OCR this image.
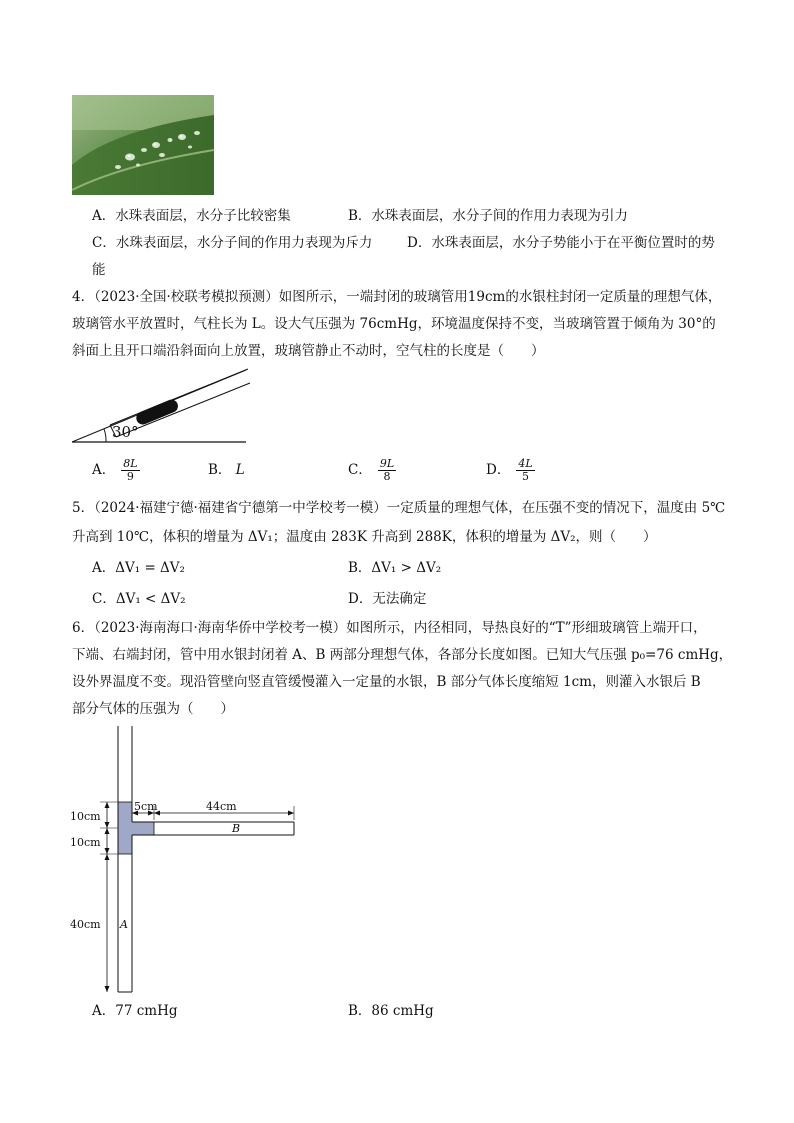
A．水珠表面层，水分子比较密集	B．水珠表面层，水分子间的作用力表现为引力
C．水珠表面层，水分子间的作用力表现为斥力	D．水珠表面层，水分子势能小于在平衡位置时的势
能
4．（2023·全国·校联考模拟预测）如图所示，一端封闭的玻璃管用19cm的水银柱封闭一定质量的理想气体，
玻璃管水平放置时，气柱长为 L。设大气压强为 76cmHg，环境温度保持不变，当玻璃管置于倾角为 30°的
斜面上且开口端沿斜面向上放置，玻璃管静止不动时，空气柱的长度是（　　）
30°
A． $\frac{8L}{9}$	B． L	C． $\frac{9L}{8}$	D． $\frac{4L}{5}$
5．（2024·福建宁德·福建省宁德第一中学校考一模）一定质量的理想气体，在压强不变的情况下，温度由 5℃
升高到 10℃，体积的增量为 ΔV₁；温度由 283K 升高到 288K，体积的增量为 ΔV₂，则（　　）
A．ΔV₁ = ΔV₂	B．ΔV₁ > ΔV₂
C．ΔV₁ < ΔV₂	D．无法确定
6．（2023·海南海口·海南华侨中学校考一模）如图所示，内径相同，导热良好的“T”形细玻璃管上端开口，
下端、右端封闭，管中用水银封闭着 A、B 两部分理想气体，各部分长度如图。已知大气压强 p₀=76 cmHg，
设外界温度不变。现沿管壁向竖直管缓慢灌入一定量的水银，B 部分气体长度缩短 1cm，则灌入水银后 B
部分气体的压强为（　　）
10cm
10cm
40cm
5cm	44cm
A
B
A．77 cmHg	B．86 cmHg
